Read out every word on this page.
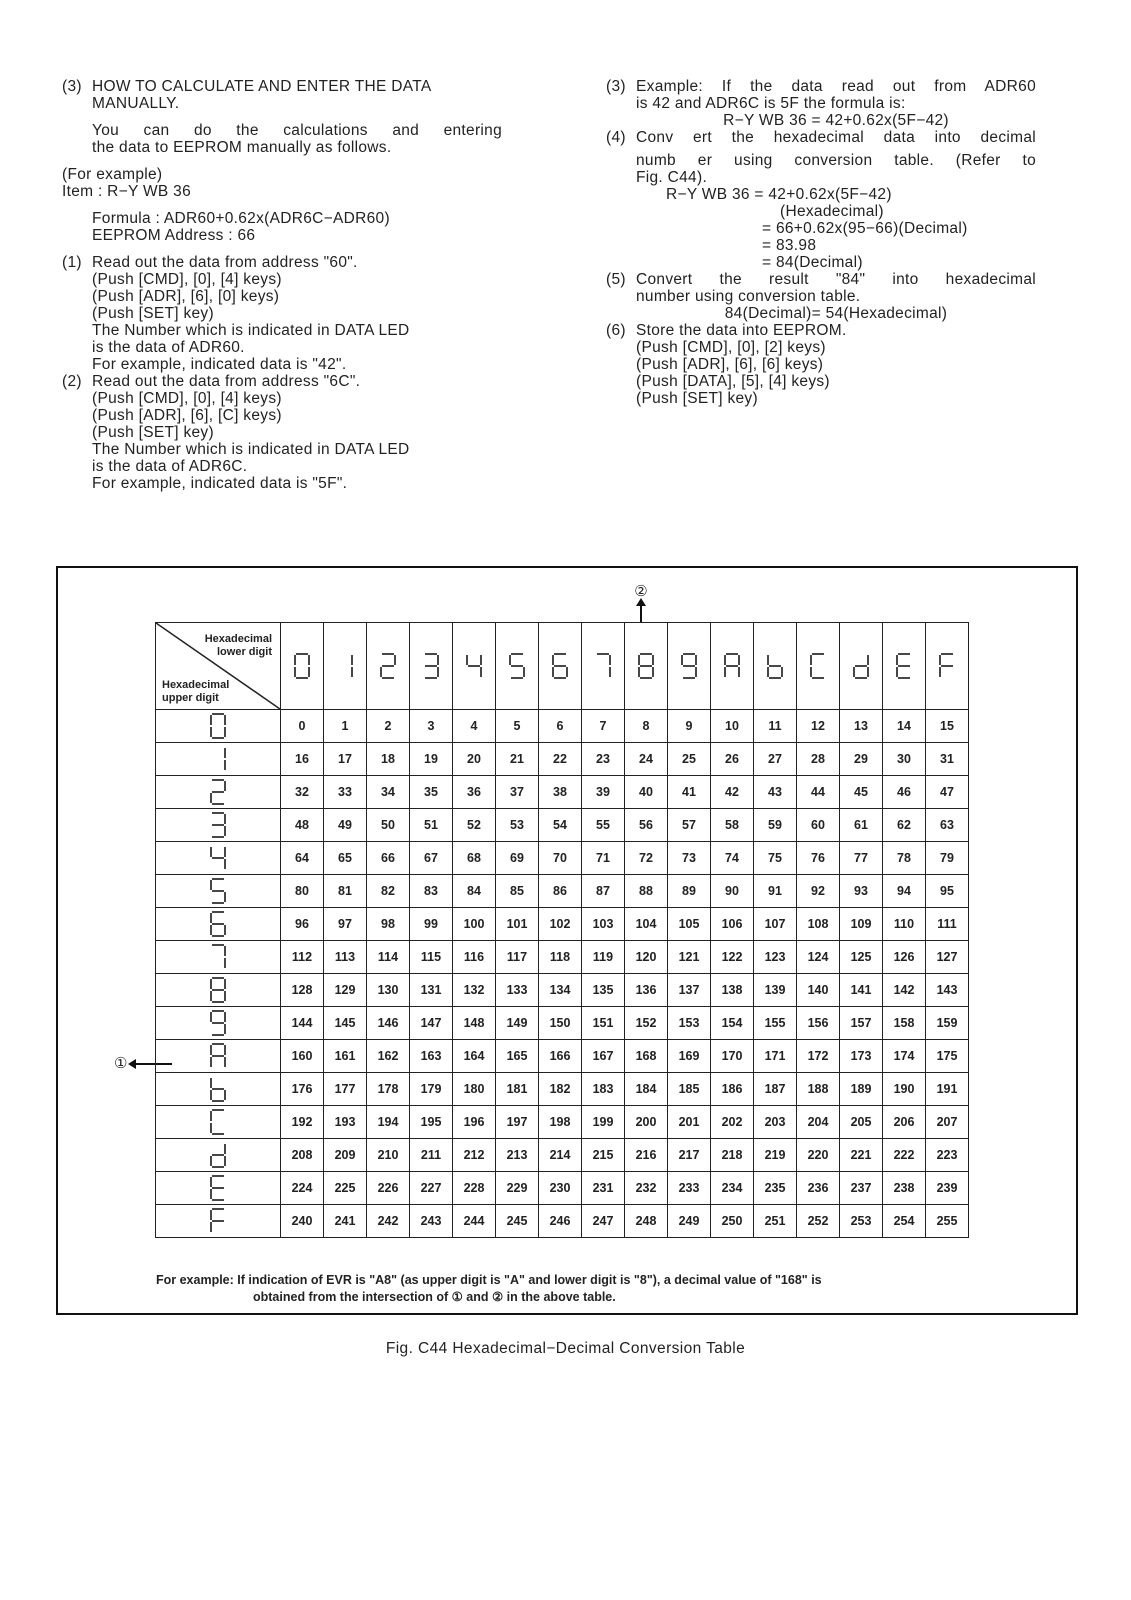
(3) HOW TO CALCULATE AND ENTER THE DATA
MANUALLY.
You can do the calculations and entering
the data to EEPROM manually as follows.
(For example)
Item : R−Y WB 36
Formula : ADR60+0.62x(ADR6C−ADR60)
EEPROM Address : 66
(1) Read out the data from address "60".
(Push [CMD], [0], [4] keys)
(Push [ADR], [6], [0] keys)
(Push [SET] key)
The Number which is indicated in DATA LED
is the data of ADR60.
For example, indicated data is "42".
(2) Read out the data from address "6C".
(Push [CMD], [0], [4] keys)
(Push [ADR], [6], [C] keys)
(Push [SET] key)
The Number which is indicated in DATA LED
is the data of ADR6C.
For example, indicated data is "5F".
(3) Example: If the data read out from ADR60
is 42 and ADR6C is 5F the formula is:
R−Y WB 36 = 42+0.62x(5F−42)
(4) Conv ert the hexadecimal data into decimal
numb er using conversion table. (Refer to
Fig. C44).
R−Y WB 36 = 42+0.62x(5F−42)
(Hexadecimal)
= 66+0.62x(95−66)(Decimal)
= 83.98
= 84(Decimal)
(5) Convert the result "84" into hexadecimal
number using conversion table.
84(Decimal)= 54(Hexadecimal)
(6) Store the data into EEPROM.
(Push [CMD], [0], [2] keys)
(Push [ADR], [6], [6] keys)
(Push [DATA], [5], [4] keys)
(Push [SET] key)
②
①
Hexadecimal
lower digit
Hexadecimal
upper digit

	0	1	2	3	4	5	6	7	8	9	10	11	12	13	14	15
	16	17	18	19	20	21	22	23	24	25	26	27	28	29	30	31
	32	33	34	35	36	37	38	39	40	41	42	43	44	45	46	47
	48	49	50	51	52	53	54	55	56	57	58	59	60	61	62	63
	64	65	66	67	68	69	70	71	72	73	74	75	76	77	78	79
	80	81	82	83	84	85	86	87	88	89	90	91	92	93	94	95
	96	97	98	99	100	101	102	103	104	105	106	107	108	109	110	111
	112	113	114	115	116	117	118	119	120	121	122	123	124	125	126	127
	128	129	130	131	132	133	134	135	136	137	138	139	140	141	142	143
	144	145	146	147	148	149	150	151	152	153	154	155	156	157	158	159
	160	161	162	163	164	165	166	167	168	169	170	171	172	173	174	175
	176	177	178	179	180	181	182	183	184	185	186	187	188	189	190	191
	192	193	194	195	196	197	198	199	200	201	202	203	204	205	206	207
	208	209	210	211	212	213	214	215	216	217	218	219	220	221	222	223
	224	225	226	227	228	229	230	231	232	233	234	235	236	237	238	239
	240	241	242	243	244	245	246	247	248	249	250	251	252	253	254	255
For example: If indication of EVR is "A8" (as upper digit is "A" and lower digit is "8"), a decimal value of "168" is
obtained from the intersection of ① and ② in the above table.
Fig. C44 Hexadecimal−Decimal Conversion Table
